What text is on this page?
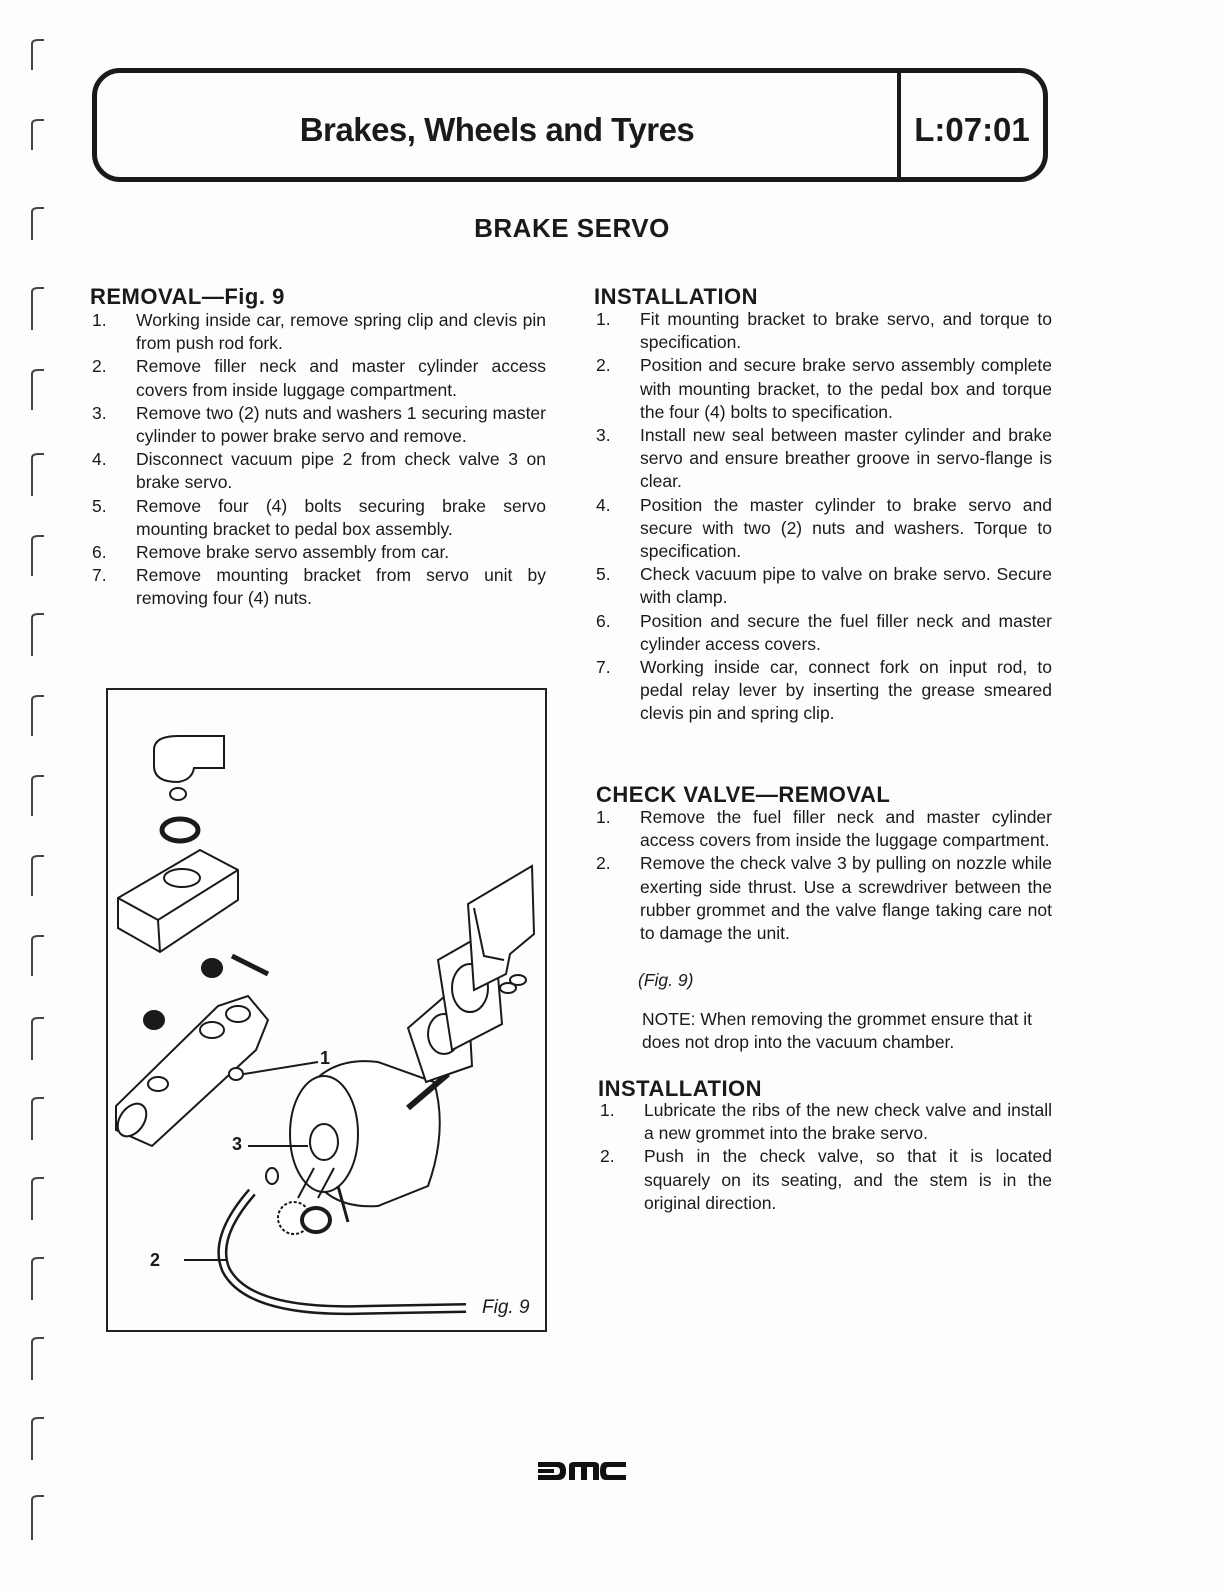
Brakes, Wheels and Tyres	L:07:01
BRAKE SERVO
REMOVAL—Fig. 9
1. Working inside car, remove spring clip and clevis pin from push rod fork.
2. Remove filler neck and master cylinder access covers from inside luggage compartment.
3. Remove two (2) nuts and washers 1 securing master cylinder to power brake servo and remove.
4. Disconnect vacuum pipe 2 from check valve 3 on brake servo.
5. Remove four (4) bolts securing brake servo mounting bracket to pedal box assembly.
6. Remove brake servo assembly from car.
7. Remove mounting bracket from servo unit by removing four (4) nuts.
1
2
3
Fig. 9
INSTALLATION
1. Fit mounting bracket to brake servo, and torque to specification.
2. Position and secure brake servo assembly complete with mounting bracket, to the pedal box and torque the four (4) bolts to specification.
3. Install new seal between master cylinder and brake servo and ensure breather groove in servo-flange is clear.
4. Position the master cylinder to brake servo and secure with two (2) nuts and washers. Torque to specification.
5. Check vacuum pipe to valve on brake servo. Secure with clamp.
6. Position and secure the fuel filler neck and master cylinder access covers.
7. Working inside car, connect fork on input rod, to pedal relay lever by inserting the grease smeared clevis pin and spring clip.
CHECK VALVE—REMOVAL
1. Remove the fuel filler neck and master cylinder access covers from inside the luggage compartment.
2. Remove the check valve 3 by pulling on nozzle while exerting side thrust. Use a screwdriver between the rubber grommet and the valve flange taking care not to damage the unit.
(Fig. 9)
NOTE: When removing the grommet ensure that it does not drop into the vacuum chamber.
INSTALLATION
1. Lubricate the ribs of the new check valve and install a new grommet into the brake servo.
2. Push in the check valve, so that it is located squarely on its seating, and the stem is in the original direction.
